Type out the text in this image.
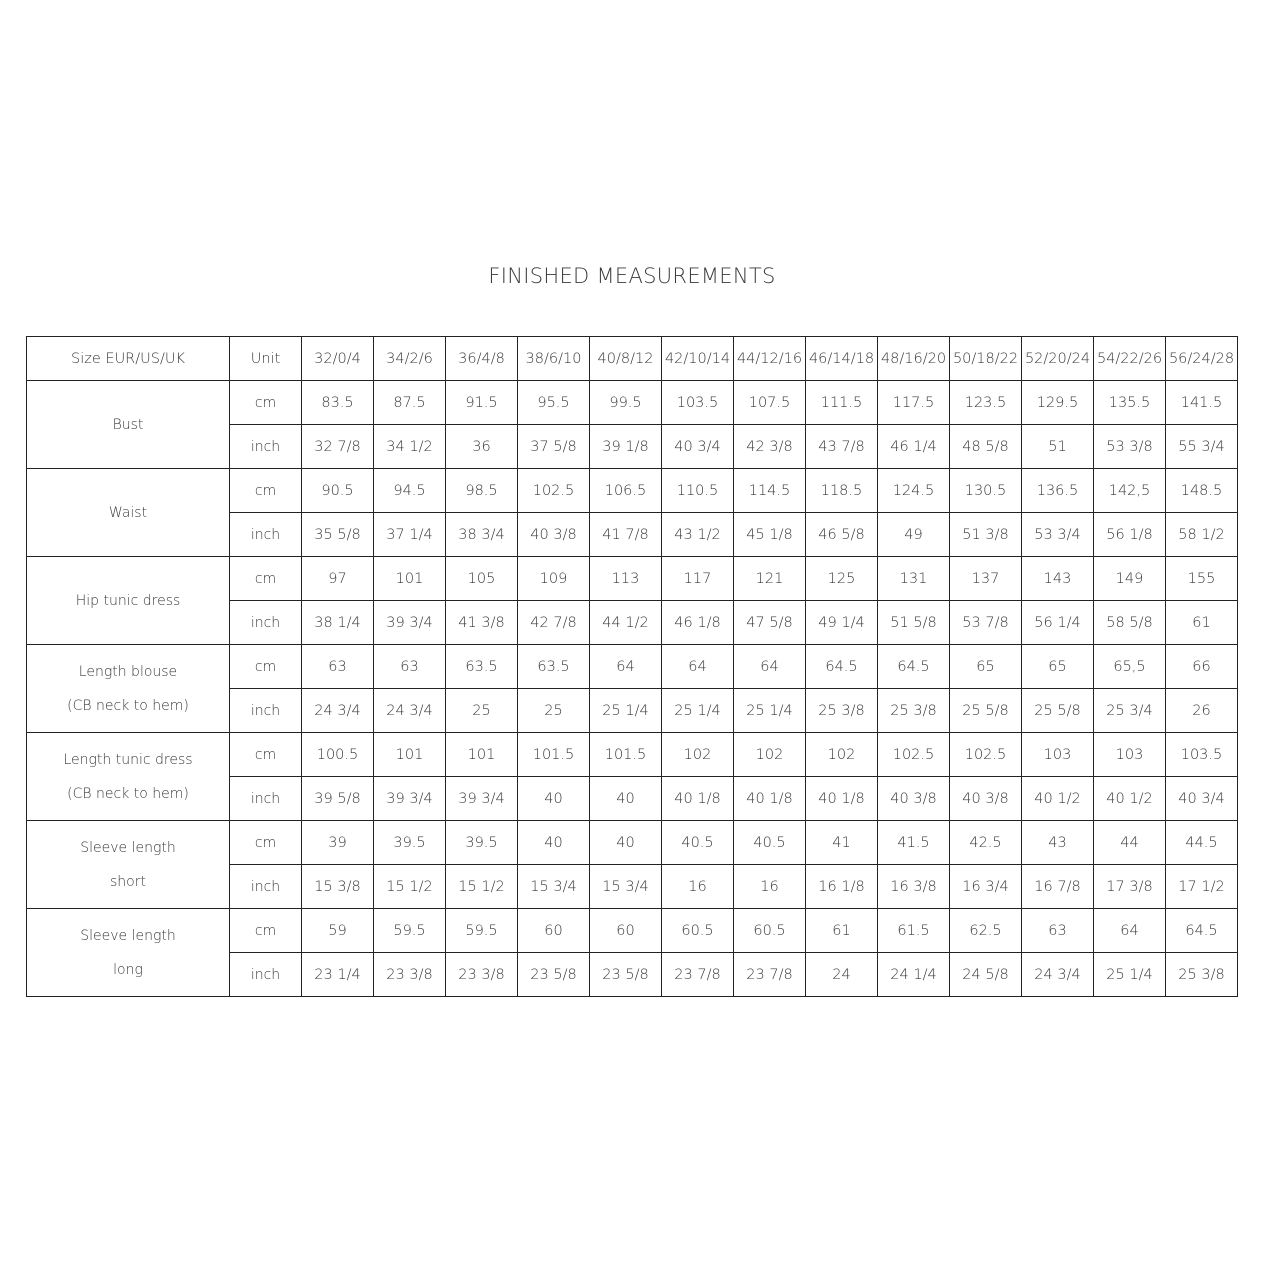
FINISHED MEASUREMENTS
Size EUR/US/UK	Unit	32/0/4	34/2/6	36/4/8	38/6/10	40/8/12	42/10/14	44/12/16	46/14/18	48/16/20	50/18/22	52/20/24	54/22/26	56/24/28

Bust	cm	83.5	87.5	91.5	95.5	99.5	103.5	107.5	111.5	117.5	123.5	129.5	135.5	141.5
	inch	32 7/8	34 1/2	36	37 5/8	39 1/8	40 3/4	42 3/8	43 7/8	46 1/4	48 5/8	51	53 3/8	55 3/4

Waist	cm	90.5	94.5	98.5	102.5	106.5	110.5	114.5	118.5	124.5	130.5	136.5	142,5	148.5
	inch	35 5/8	37 1/4	38 3/4	40 3/8	41 7/8	43 1/2	45 1/8	46 5/8	49	51 3/8	53 3/4	56 1/8	58 1/2

Hip tunic dress	cm	97	101	105	109	113	117	121	125	131	137	143	149	155
	inch	38 1/4	39 3/4	41 3/8	42 7/8	44 1/2	46 1/8	47 5/8	49 1/4	51 5/8	53 7/8	56 1/4	58 5/8	61

Length blouse
(CB neck to hem)	cm	63	63	63.5	63.5	64	64	64	64.5	64.5	65	65	65,5	66
	inch	24 3/4	24 3/4	25	25	25 1/4	25 1/4	25 1/4	25 3/8	25 3/8	25 5/8	25 5/8	25 3/4	26

Length tunic dress
(CB neck to hem)	cm	100.5	101	101	101.5	101.5	102	102	102	102.5	102.5	103	103	103.5
	inch	39 5/8	39 3/4	39 3/4	40	40	40 1/8	40 1/8	40 1/8	40 3/8	40 3/8	40 1/2	40 1/2	40 3/4

Sleeve length
short	cm	39	39.5	39.5	40	40	40.5	40.5	41	41.5	42.5	43	44	44.5
	inch	15 3/8	15 1/2	15 1/2	15 3/4	15 3/4	16	16	16 1/8	16 3/8	16 3/4	16 7/8	17 3/8	17 1/2

Sleeve length
long	cm	59	59.5	59.5	60	60	60.5	60.5	61	61.5	62.5	63	64	64.5
	inch	23 1/4	23 3/8	23 3/8	23 5/8	23 5/8	23 7/8	23 7/8	24	24 1/4	24 5/8	24 3/4	25 1/4	25 3/8
